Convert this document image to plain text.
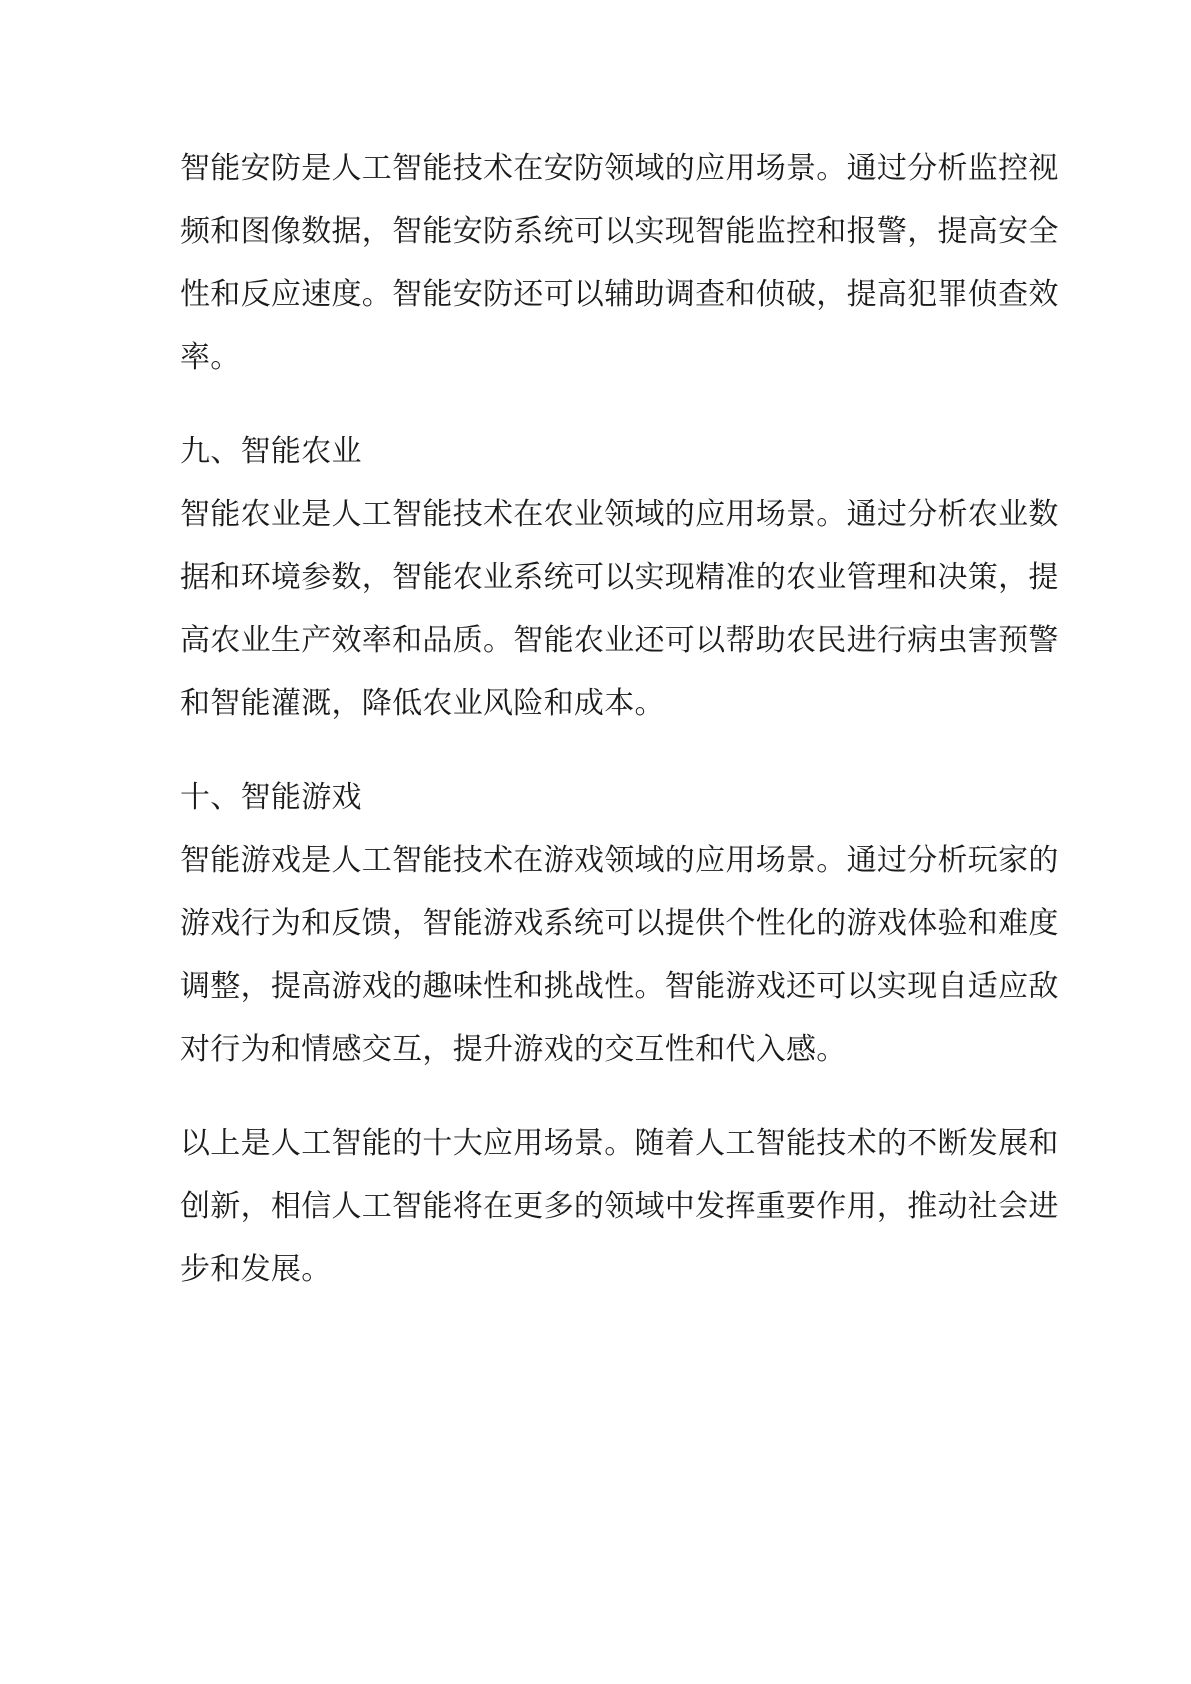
智能安防是人工智能技术在安防领域的应用场景。通过分析监控视
频和图像数据，智能安防系统可以实现智能监控和报警，提高安全
性和反应速度。智能安防还可以辅助调查和侦破，提高犯罪侦查效
率。

九、智能农业

智能农业是人工智能技术在农业领域的应用场景。通过分析农业数
据和环境参数，智能农业系统可以实现精准的农业管理和决策，提
高农业生产效率和品质。智能农业还可以帮助农民进行病虫害预警
和智能灌溉，降低农业风险和成本。

十、智能游戏

智能游戏是人工智能技术在游戏领域的应用场景。通过分析玩家的
游戏行为和反馈，智能游戏系统可以提供个性化的游戏体验和难度
调整，提高游戏的趣味性和挑战性。智能游戏还可以实现自适应敌
对行为和情感交互，提升游戏的交互性和代入感。

以上是人工智能的十大应用场景。随着人工智能技术的不断发展和
创新，相信人工智能将在更多的领域中发挥重要作用，推动社会进
步和发展。
